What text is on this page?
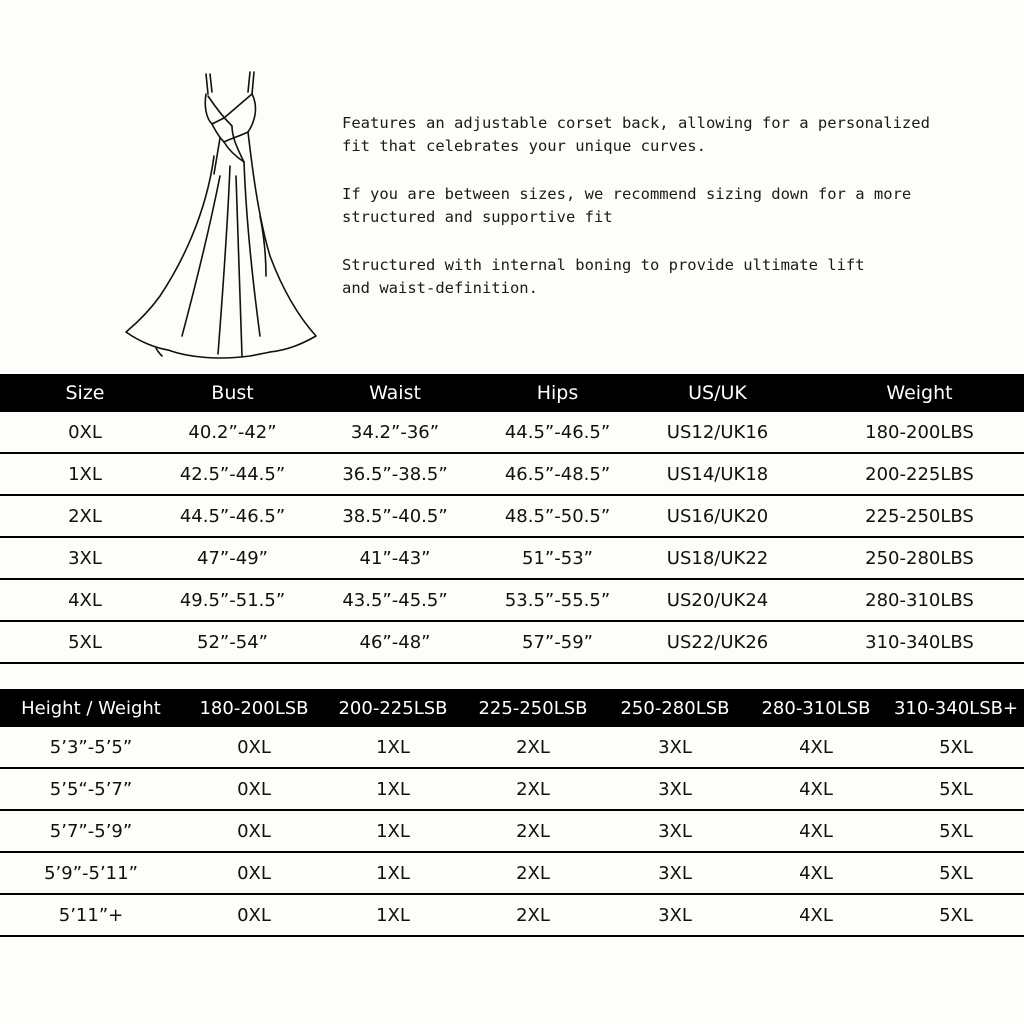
Features an adjustable corset back, allowing for a personalized
fit that celebrates your unique curves.

If you are between sizes, we recommend sizing down for a more
structured and supportive fit

Structured with internal boning to provide ultimate lift
and waist-definition.

Size	Bust	Waist	Hips	US/UK	Weight
0XL	40.2”-42”	34.2”-36”	44.5”-46.5”	US12/UK16	180-200LBS
1XL	42.5”-44.5”	36.5”-38.5”	46.5”-48.5”	US14/UK18	200-225LBS
2XL	44.5”-46.5”	38.5”-40.5”	48.5”-50.5”	US16/UK20	225-250LBS
3XL	47”-49”	41”-43”	51”-53”	US18/UK22	250-280LBS
4XL	49.5”-51.5”	43.5”-45.5”	53.5”-55.5”	US20/UK24	280-310LBS
5XL	52”-54”	46”-48”	57”-59”	US22/UK26	310-340LBS
Height / Weight	180-200LSB	200-225LSB	225-250LSB	250-280LSB	280-310LSB	310-340LSB+
5’3”-5’5”	0XL	1XL	2XL	3XL	4XL	5XL
5’5“-5’7”	0XL	1XL	2XL	3XL	4XL	5XL
5’7”-5’9”	0XL	1XL	2XL	3XL	4XL	5XL
5’9”-5’11”	0XL	1XL	2XL	3XL	4XL	5XL
5’11”+	0XL	1XL	2XL	3XL	4XL	5XL
